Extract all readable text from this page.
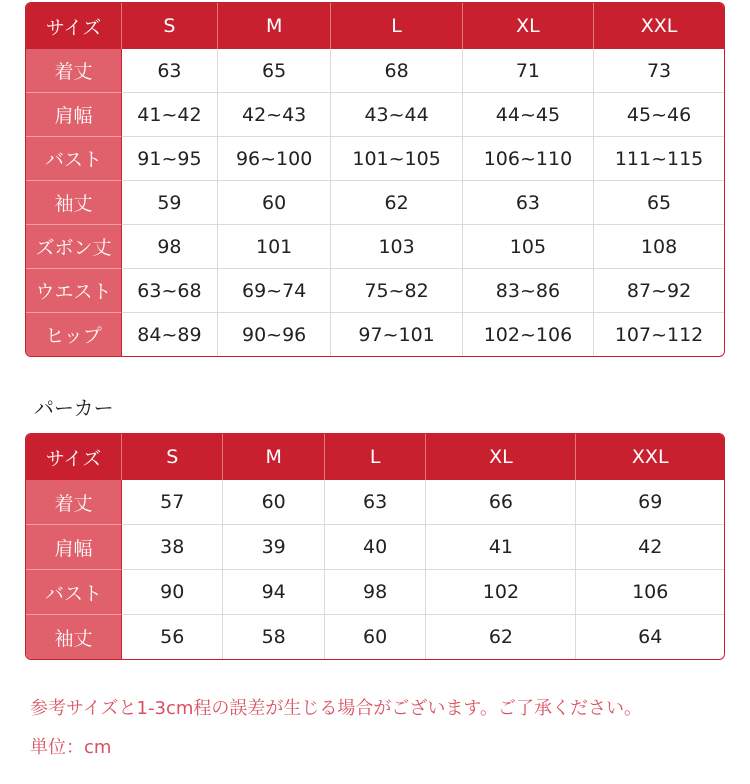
サイズ	S	M	L	XL	XXL
着丈	63	65	68	71	73
肩幅	41~42	42~43	43~44	44~45	45~46
バスト	91~95	96~100	101~105	106~110	111~115
袖丈	59	60	62	63	65
ズボン丈	98	101	103	105	108
ウエスト	63~68	69~74	75~82	83~86	87~92
ヒップ	84~89	90~96	97~101	102~106	107~112
パーカー
サイズ	S	M	L	XL	XXL
着丈	57	60	63	66	69
肩幅	38	39	40	41	42
バスト	90	94	98	102	106
袖丈	56	58	60	62	64
参考サイズと1-3cm程の誤差が生じる場合がございます。ご了承ください。
単位：cm
